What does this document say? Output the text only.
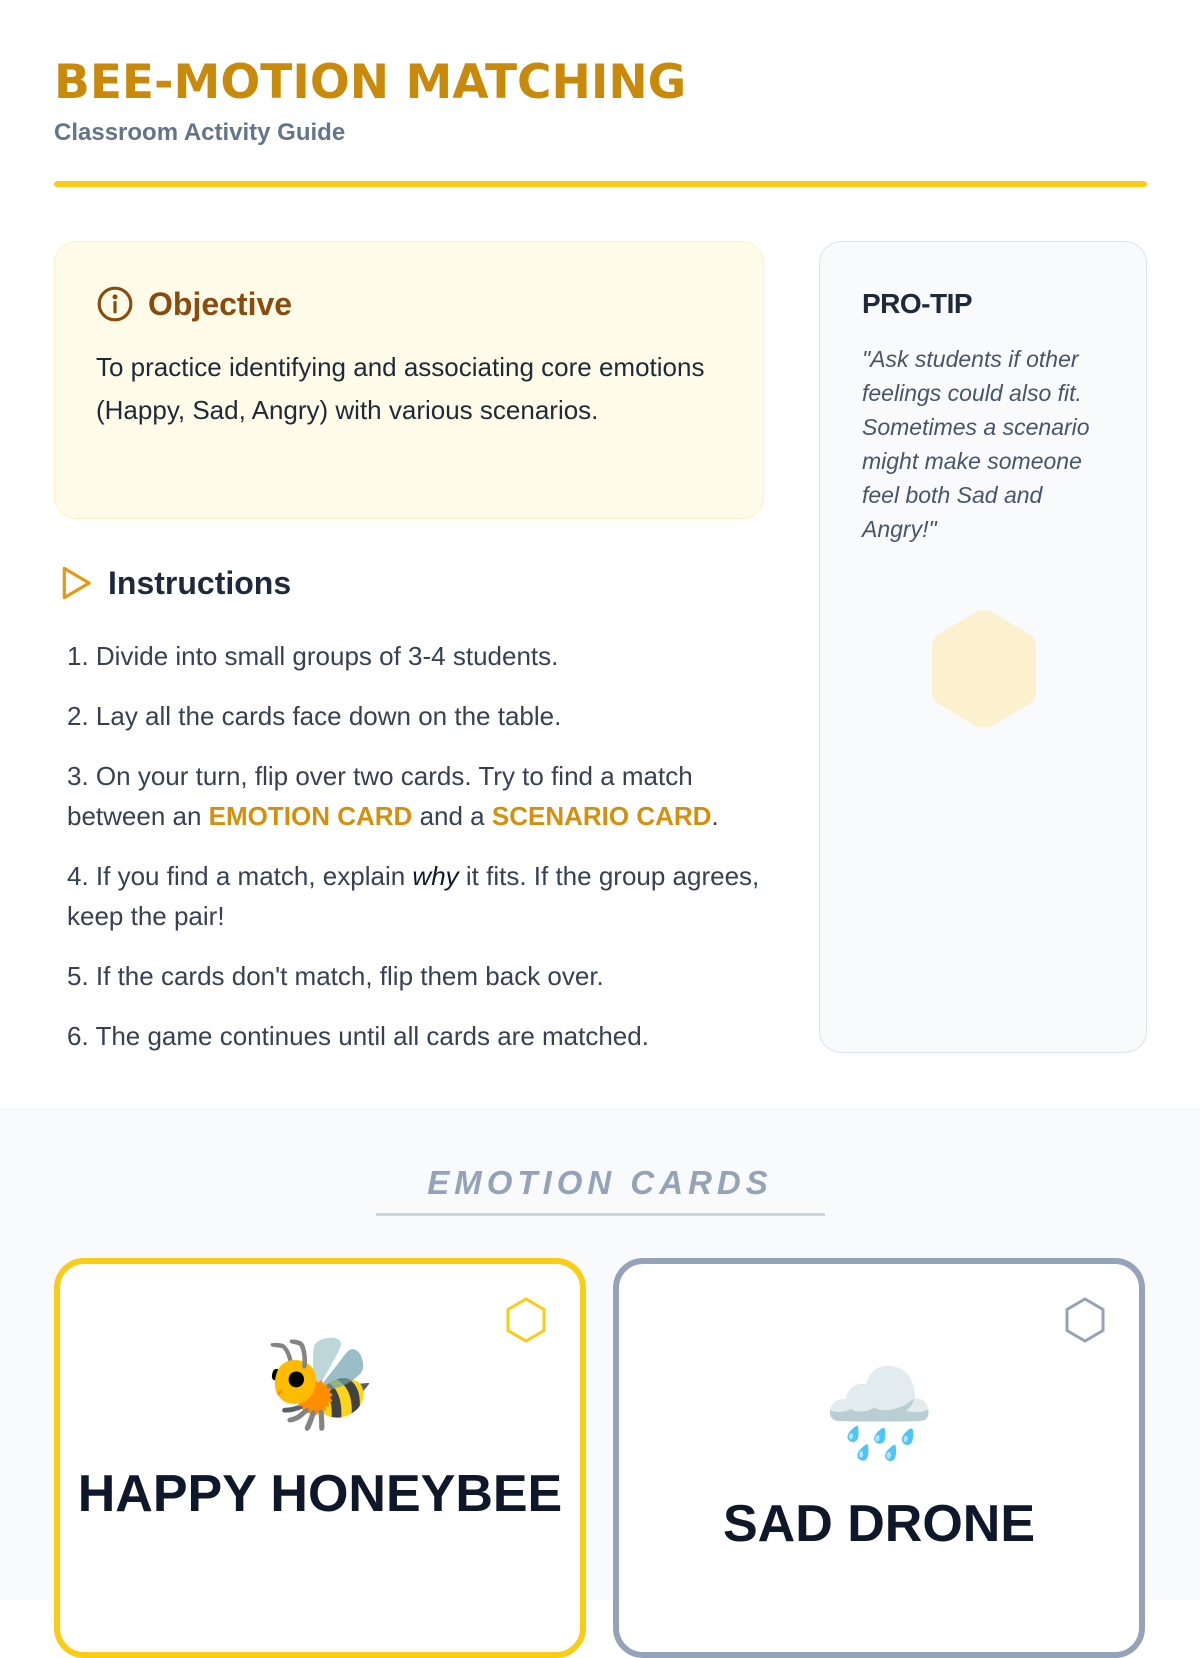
BEE-MOTION MATCHING
Classroom Activity Guide
Objective
To practice identifying and associating core emotions (Happy, Sad, Angry) with various scenarios.
Instructions
1. Divide into small groups of 3-4 students.
2. Lay all the cards face down on the table.
3. On your turn, flip over two cards. Try to find a match between an EMOTION CARD and a SCENARIO CARD.
4. If you find a match, explain why it fits. If the group agrees, keep the pair!
5. If the cards don't match, flip them back over.
6. The game continues until all cards are matched.
PRO-TIP
"Ask students if other feelings could also fit. Sometimes a scenario might make someone feel both Sad and Angry!"
EMOTION CARDS
🐝
HAPPY HONEYBEE
🌧️
SAD DRONE
